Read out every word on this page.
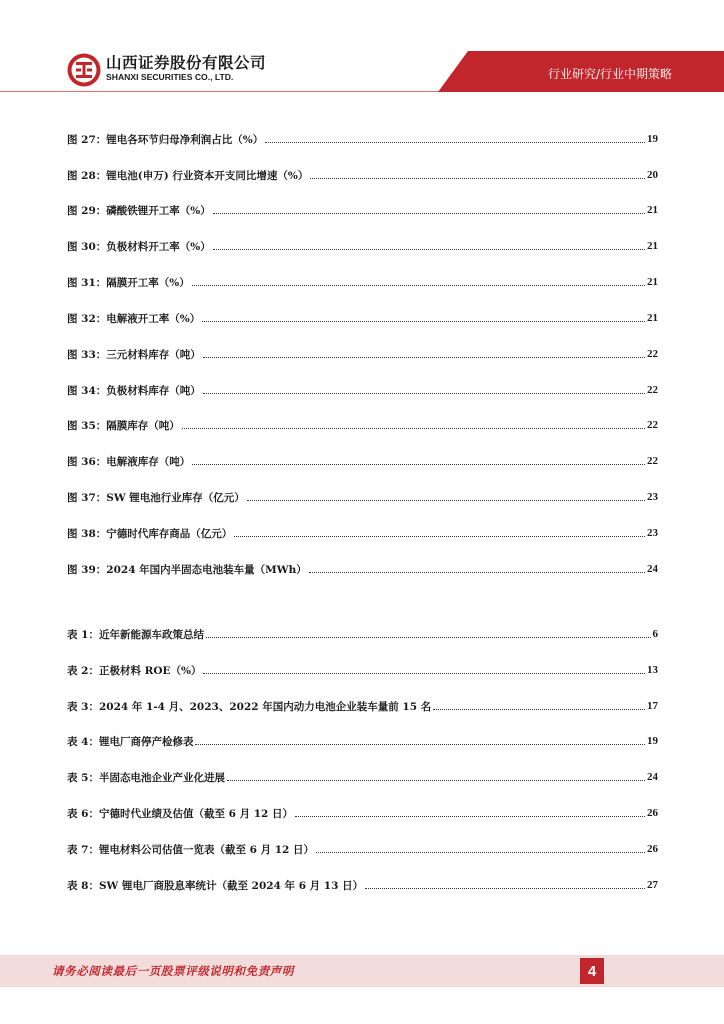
山西证券股份有限公司
SHANXI SECURITIES CO., LTD.	行业研究/行业中期策略
图 27： 锂电各环节归母净利润占比（%）	19
图 28： 锂电池(申万) 行业资本开支同比增速（%）	20
图 29： 磷酸铁锂开工率（%）	21
图 30： 负极材料开工率（%）	21
图 31： 隔膜开工率（%）	21
图 32： 电解液开工率（%）	21
图 33： 三元材料库存（吨）	22
图 34： 负极材料库存（吨）	22
图 35： 隔膜库存（吨）	22
图 36： 电解液库存（吨）	22
图 37： SW 锂电池行业库存（亿元）	23
图 38： 宁德时代库存商品（亿元）	23
图 39： 2024 年国内半固态电池装车量（MWh）	24
表 1： 近年新能源车政策总结	6
表 2： 正极材料 ROE（%）	13
表 3： 2024 年 1-4 月、2023、2022 年国内动力电池企业装车量前 15 名	17
表 4： 锂电厂商停产检修表	19
表 5： 半固态电池企业产业化进展	24
表 6： 宁德时代业绩及估值（截至 6 月 12 日）	26
表 7： 锂电材料公司估值一览表（截至 6 月 12 日）	26
表 8： SW 锂电厂商股息率统计（截至 2024 年 6 月 13 日）	27
请务必阅读最后一页股票评级说明和免责声明	4
